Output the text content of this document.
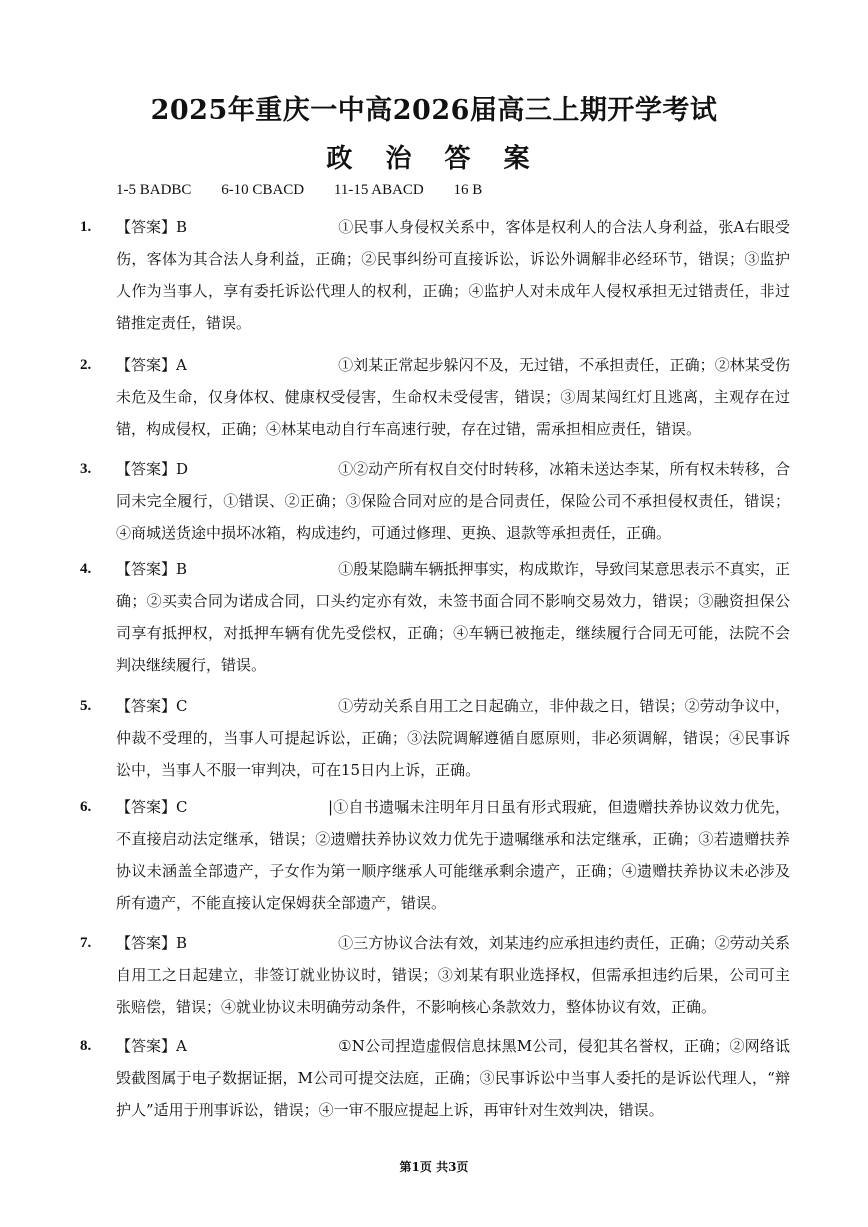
2025年重庆一中高2026届高三上期开学考试
政 治 答 案
1-5 BADBC 6-10 CBACD 11-15 ABACD 16 B
1. 【答案】B	①民事人身侵权关系中，客体是权利人的合法人身利益，张A右眼受伤，客体为其合法人身利益，正确；②民事纠纷可直接诉讼，诉讼外调解非必经环节，错误；③监护人作为当事人，享有委托诉讼代理人的权利，正确；④监护人对未成年人侵权承担无过错责任，非过错推定责任，错误。
2. 【答案】A	①刘某正常起步躲闪不及，无过错，不承担责任，正确；②林某受伤未危及生命，仅身体权、健康权受侵害，生命权未受侵害，错误；③周某闯红灯且逃离，主观存在过错，构成侵权，正确；④林某电动自行车高速行驶，存在过错，需承担相应责任，错误。
3. 【答案】D	①②动产所有权自交付时转移，冰箱未送达李某，所有权未转移，合同未完全履行，①错误、②正确；③保险合同对应的是合同责任，保险公司不承担侵权责任，错误；④商城送货途中损坏冰箱，构成违约，可通过修理、更换、退款等承担责任，正确。
4. 【答案】B	①殷某隐瞒车辆抵押事实，构成欺诈，导致闫某意思表示不真实，正确；②买卖合同为诺成合同，口头约定亦有效，未签书面合同不影响交易效力，错误；③融资担保公司享有抵押权，对抵押车辆有优先受偿权，正确；④车辆已被拖走，继续履行合同无可能，法院不会判决继续履行，错误。
5. 【答案】C	①劳动关系自用工之日起确立，非仲裁之日，错误；②劳动争议中，仲裁不受理的，当事人可提起诉讼，正确；③法院调解遵循自愿原则，非必须调解，错误；④民事诉讼中，当事人不服一审判决，可在15日内上诉，正确。
6. 【答案】C	|①自书遗嘱未注明年月日虽有形式瑕疵，但遗赠扶养协议效力优先，不直接启动法定继承，错误；②遗赠扶养协议效力优先于遗嘱继承和法定继承，正确；③若遗赠扶养协议未涵盖全部遗产，子女作为第一顺序继承人可能继承剩余遗产，正确；④遗赠扶养协议未必涉及所有遗产，不能直接认定保姆获全部遗产，错误。
7. 【答案】B	①三方协议合法有效，刘某违约应承担违约责任，正确；②劳动关系自用工之日起建立，非签订就业协议时，错误；③刘某有职业选择权，但需承担违约后果，公司可主张赔偿，错误；④就业协议未明确劳动条件，不影响核心条款效力，整体协议有效，正确。
8. 【答案】A	①N公司捏造虚假信息抹黑M公司，侵犯其名誉权，正确；②网络诋毁截图属于电子数据证据，M公司可提交法庭，正确；③民事诉讼中当事人委托的是诉讼代理人，“辩护人”适用于刑事诉讼，错误；④一审不服应提起上诉，再审针对生效判决，错误。
第1页 共3页
